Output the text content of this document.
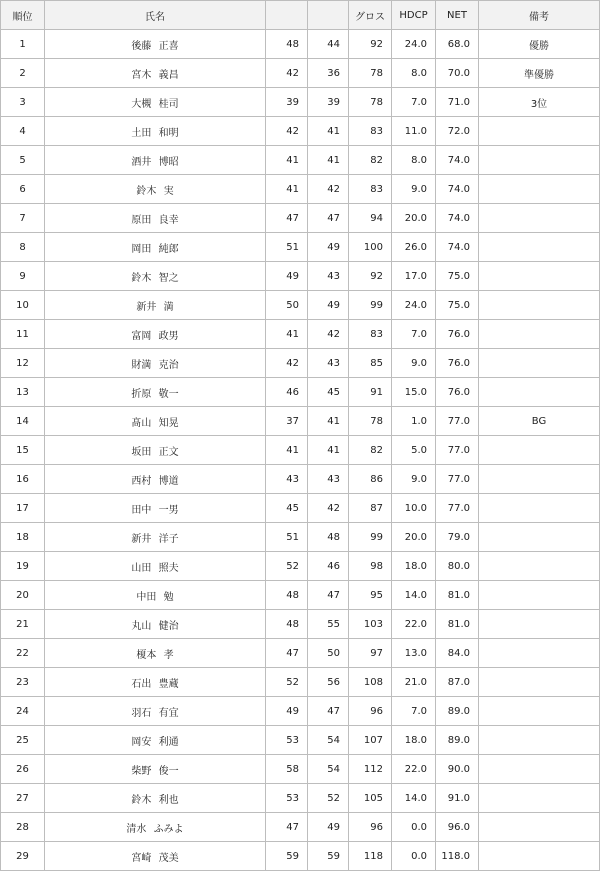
順位	氏名			グロス	HDCP	NET	備考
1	後藤 正喜	48	44	92	24.0	68.0	優勝
2	宮木 義昌	42	36	78	8.0	70.0	準優勝
3	大槻 桂司	39	39	78	7.0	71.0	3位
4	土田 和明	42	41	83	11.0	72.0	
5	酒井 博昭	41	41	82	8.0	74.0	
6	鈴木 実	41	42	83	9.0	74.0	
7	原田 良幸	47	47	94	20.0	74.0	
8	岡田 純郎	51	49	100	26.0	74.0	
9	鈴木 智之	49	43	92	17.0	75.0	
10	新井 満	50	49	99	24.0	75.0	
11	富岡 政男	41	42	83	7.0	76.0	
12	財満 克治	42	43	85	9.0	76.0	
13	折原 敬一	46	45	91	15.0	76.0	
14	髙山 知晃	37	41	78	1.0	77.0	BG
15	坂田 正文	41	41	82	5.0	77.0	
16	西村 博道	43	43	86	9.0	77.0	
17	田中 一男	45	42	87	10.0	77.0	
18	新井 洋子	51	48	99	20.0	79.0	
19	山田 照夫	52	46	98	18.0	80.0	
20	中田 勉	48	47	95	14.0	81.0	
21	丸山 健治	48	55	103	22.0	81.0	
22	榎本 孝	47	50	97	13.0	84.0	
23	石出 豊蔵	52	56	108	21.0	87.0	
24	羽石 有宜	49	47	96	7.0	89.0	
25	岡安 利通	53	54	107	18.0	89.0	
26	柴野 俊一	58	54	112	22.0	90.0	
27	鈴木 利也	53	52	105	14.0	91.0	
28	清水 ふみよ	47	49	96	0.0	96.0	
29	宮崎 茂美	59	59	118	0.0	118.0	
